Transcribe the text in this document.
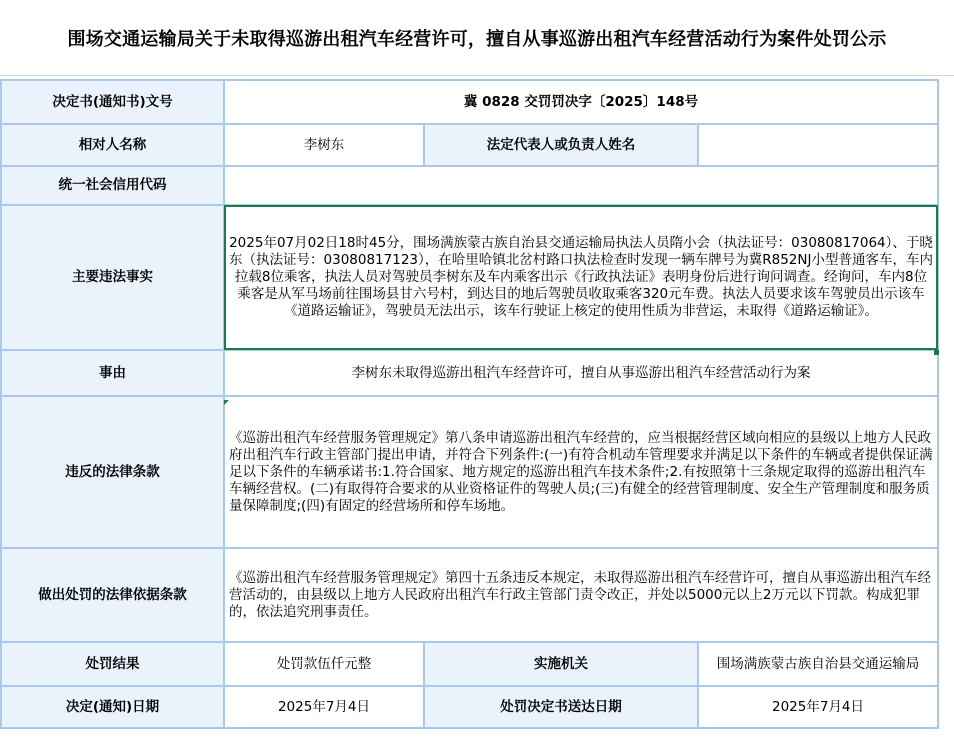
围场交通运输局关于未取得巡游出租汽车经营许可，擅自从事巡游出租汽车经营活动行为案件处罚公示
决定书(通知书)文号	冀 0828 交罚罚决字〔2025〕148号		
相对人名称	李树东	法定代表人或负责人姓名	
统一社会信用代码			
主要违法事实	2025年07月02日18时45分，围场满族蒙古族自治县交通运输局执法人员隋小会（执法证号：03080817064）、于晓东（执法证号：03080817123），在哈里哈镇北岔村路口执法检查时发现一辆车牌号为冀R852NJ小型普通客车，车内拉载8位乘客，执法人员对驾驶员李树东及车内乘客出示《行政执法证》表明身份后进行询问调查。经询问，车内8位乘客是从军马场前往围场县甘六号村，到达目的地后驾驶员收取乘客320元车费。执法人员要求该车驾驶员出示该车《道路运输证》，驾驶员无法出示，该车行驶证上核定的使用性质为非营运，未取得《道路运输证》。		
事由	李树东未取得巡游出租汽车经营许可，擅自从事巡游出租汽车经营活动行为案		
违反的法律条款	《巡游出租汽车经营服务管理规定》第八条申请巡游出租汽车经营的，应当根据经营区域向相应的县级以上地方人民政府出租汽车行政主管部门提出申请，并符合下列条件:(一)有符合机动车管理要求并满足以下条件的车辆或者提供保证满足以下条件的车辆承诺书:1.符合国家、地方规定的巡游出租汽车技术条件;2.有按照第十三条规定取得的巡游出租汽车车辆经营权。(二)有取得符合要求的从业资格证件的驾驶人员;(三)有健全的经营管理制度、安全生产管理制度和服务质量保障制度;(四)有固定的经营场所和停车场地。		
做出处罚的法律依据条款	《巡游出租汽车经营服务管理规定》第四十五条违反本规定，未取得巡游出租汽车经营许可，擅自从事巡游出租汽车经营活动的，由县级以上地方人民政府出租汽车行政主管部门责令改正，并处以5000元以上2万元以下罚款。构成犯罪的，依法追究刑事责任。		
处罚结果	处罚款伍仟元整	实施机关	围场满族蒙古族自治县交通运输局
决定(通知)日期	2025年7月4日	处罚决定书送达日期	2025年7月4日
